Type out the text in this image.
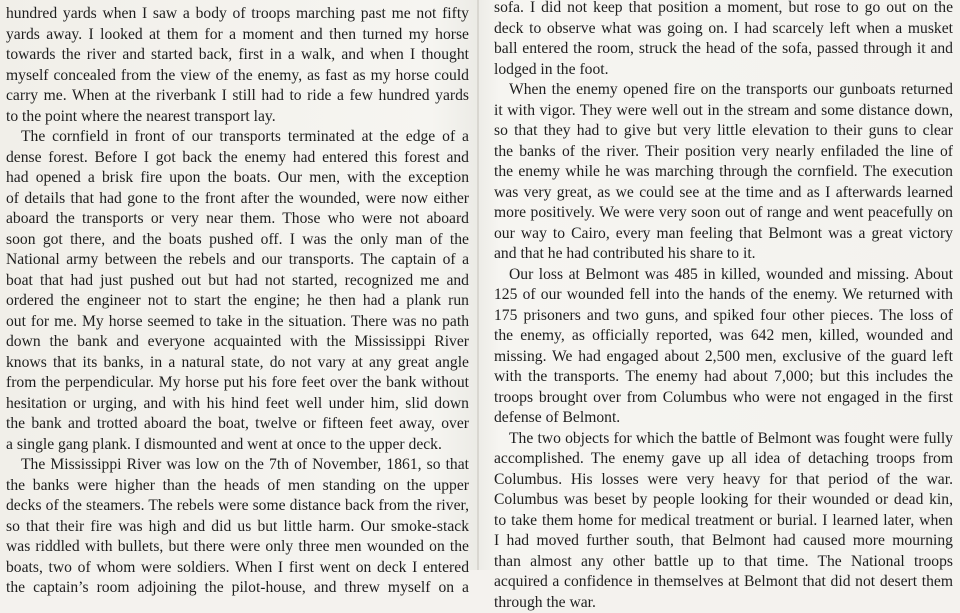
hundred yards when I saw a body of troops marching past me not fifty
yards away. I looked at them for a moment and then turned my horse
towards the river and started back, first in a walk, and when I thought
myself concealed from the view of the enemy, as fast as my horse could
carry me. When at the riverbank I still had to ride a few hundred yards
to the point where the nearest transport lay.
The cornfield in front of our transports terminated at the edge of a
dense forest. Before I got back the enemy had entered this forest and
had opened a brisk fire upon the boats. Our men, with the exception
of details that had gone to the front after the wounded, were now either
aboard the transports or very near them. Those who were not aboard
soon got there, and the boats pushed off. I was the only man of the
National army between the rebels and our transports. The captain of a
boat that had just pushed out but had not started, recognized me and
ordered the engineer not to start the engine; he then had a plank run
out for me. My horse seemed to take in the situation. There was no path
down the bank and everyone acquainted with the Mississippi River
knows that its banks, in a natural state, do not vary at any great angle
from the perpendicular. My horse put his fore feet over the bank without
hesitation or urging, and with his hind feet well under him, slid down
the bank and trotted aboard the boat, twelve or fifteen feet away, over
a single gang plank. I dismounted and went at once to the upper deck.
The Mississippi River was low on the 7th of November, 1861, so that
the banks were higher than the heads of men standing on the upper
decks of the steamers. The rebels were some distance back from the river,
so that their fire was high and did us but little harm. Our smoke-stack
was riddled with bullets, but there were only three men wounded on the
boats, two of whom were soldiers. When I first went on deck I entered
the captain’s room adjoining the pilot-house, and threw myself on a
sofa. I did not keep that position a moment, but rose to go out on the
deck to observe what was going on. I had scarcely left when a musket
ball entered the room, struck the head of the sofa, passed through it and
lodged in the foot.
When the enemy opened fire on the transports our gunboats returned
it with vigor. They were well out in the stream and some distance down,
so that they had to give but very little elevation to their guns to clear
the banks of the river. Their position very nearly enfiladed the line of
the enemy while he was marching through the cornfield. The execution
was very great, as we could see at the time and as I afterwards learned
more positively. We were very soon out of range and went peacefully on
our way to Cairo, every man feeling that Belmont was a great victory
and that he had contributed his share to it.
Our loss at Belmont was 485 in killed, wounded and missing. About
125 of our wounded fell into the hands of the enemy. We returned with
175 prisoners and two guns, and spiked four other pieces. The loss of
the enemy, as officially reported, was 642 men, killed, wounded and
missing. We had engaged about 2,500 men, exclusive of the guard left
with the transports. The enemy had about 7,000; but this includes the
troops brought over from Columbus who were not engaged in the first
defense of Belmont.
The two objects for which the battle of Belmont was fought were fully
accomplished. The enemy gave up all idea of detaching troops from
Columbus. His losses were very heavy for that period of the war.
Columbus was beset by people looking for their wounded or dead kin,
to take them home for medical treatment or burial. I learned later, when
I had moved further south, that Belmont had caused more mourning
than almost any other battle up to that time. The National troops
acquired a confidence in themselves at Belmont that did not desert them
through the war.
